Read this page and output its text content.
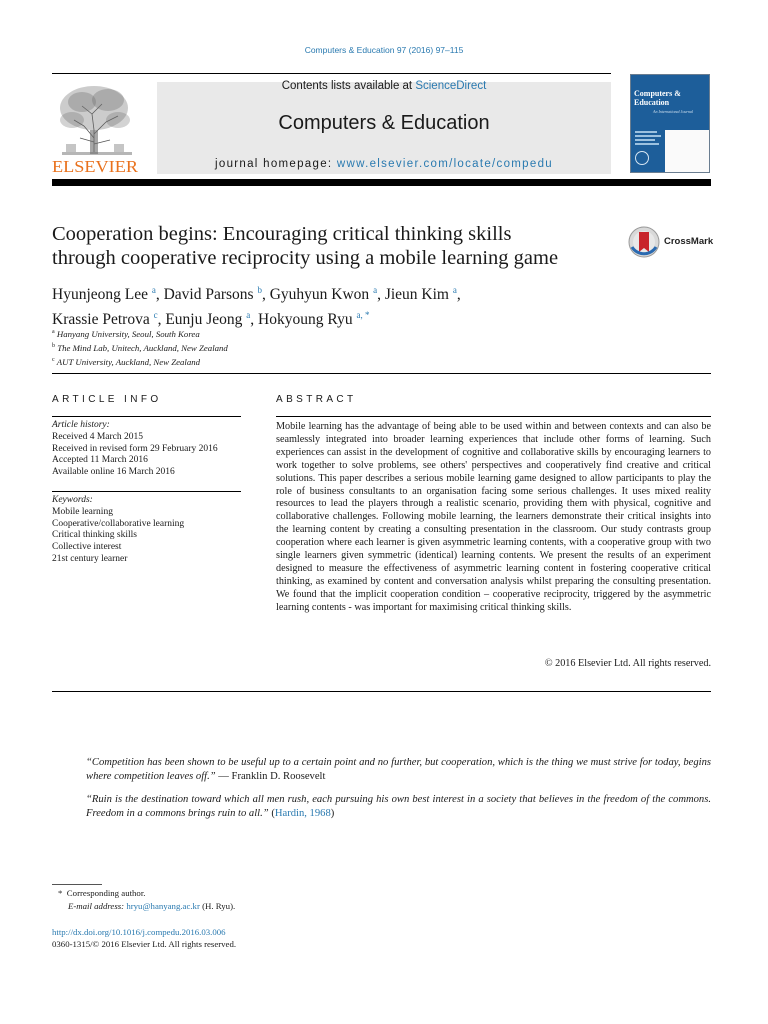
Computers & Education 97 (2016) 97–115
ELSEVIER
Contents lists available at ScienceDirect
Computers & Education
journal homepage: www.elsevier.com/locate/compedu
Computers & Education
An International Journal
Cooperation begins: Encouraging critical thinking skills
through cooperative reciprocity using a mobile learning game
CrossMark
Hyunjeong Lee $^a$, David Parsons $^b$, Gyuhyun Kwon $^a$, Jieun Kim $^a$,
Krassie Petrova $^c$, Eunju Jeong $^a$, Hokyoung Ryu $^{a, *}$
$^a$ Hanyang University, Seoul, South Korea
$^b$ The Mind Lab, Unitech, Auckland, New Zealand
$^c$ AUT University, Auckland, New Zealand
ARTICLE INFO
Article history:
Received 4 March 2015
Received in revised form 29 February 2016
Accepted 11 March 2016
Available online 16 March 2016
Keywords:
Mobile learning
Cooperative/collaborative learning
Critical thinking skills
Collective interest
21st century learner
ABSTRACT
Mobile learning has the advantage of being able to be used within and between contexts and can also be seamlessly integrated into broader learning experiences that include other forms of learning. Such experiences can assist in the development of cognitive and collaborative skills by encouraging learners to work together to solve problems, see others' perspectives and cooperatively find creative and critical solutions. This paper describes a serious mobile learning game designed to allow participants to play the role of business consultants to an organisation facing some serious challenges. It uses mixed reality resources to lead the players through a realistic scenario, providing them with physical, cognitive and collaborative challenges. Following mobile learning, the learners demonstrate their critical insights into the learning content by creating a consulting presentation in the classroom. Our study contrasts group cooperation where each learner is given asymmetric learning contents, with a cooperative group with two single learners given symmetric (identical) learning contents. We present the results of an experiment designed to measure the effectiveness of asymmetric learning content in fostering cooperative critical thinking, as examined by content and conversation analysis whilst preparing the consulting presentation. We found that the implicit cooperation condition – cooperative reciprocity, triggered by the asymmetric learning contents - was important for maximising critical thinking skills.
© 2016 Elsevier Ltd. All rights reserved.
“Competition has been shown to be useful up to a certain point and no further, but cooperation, which is the thing we must strive for today, begins where competition leaves off.” — Franklin D. Roosevelt
“Ruin is the destination toward which all men rush, each pursuing his own best interest in a society that believes in the freedom of the commons. Freedom in a commons brings ruin to all.” (Hardin, 1968)
*  Corresponding author.
E-mail address: hryu@hanyang.ac.kr (H. Ryu).
http://dx.doi.org/10.1016/j.compedu.2016.03.006
0360-1315/© 2016 Elsevier Ltd. All rights reserved.
